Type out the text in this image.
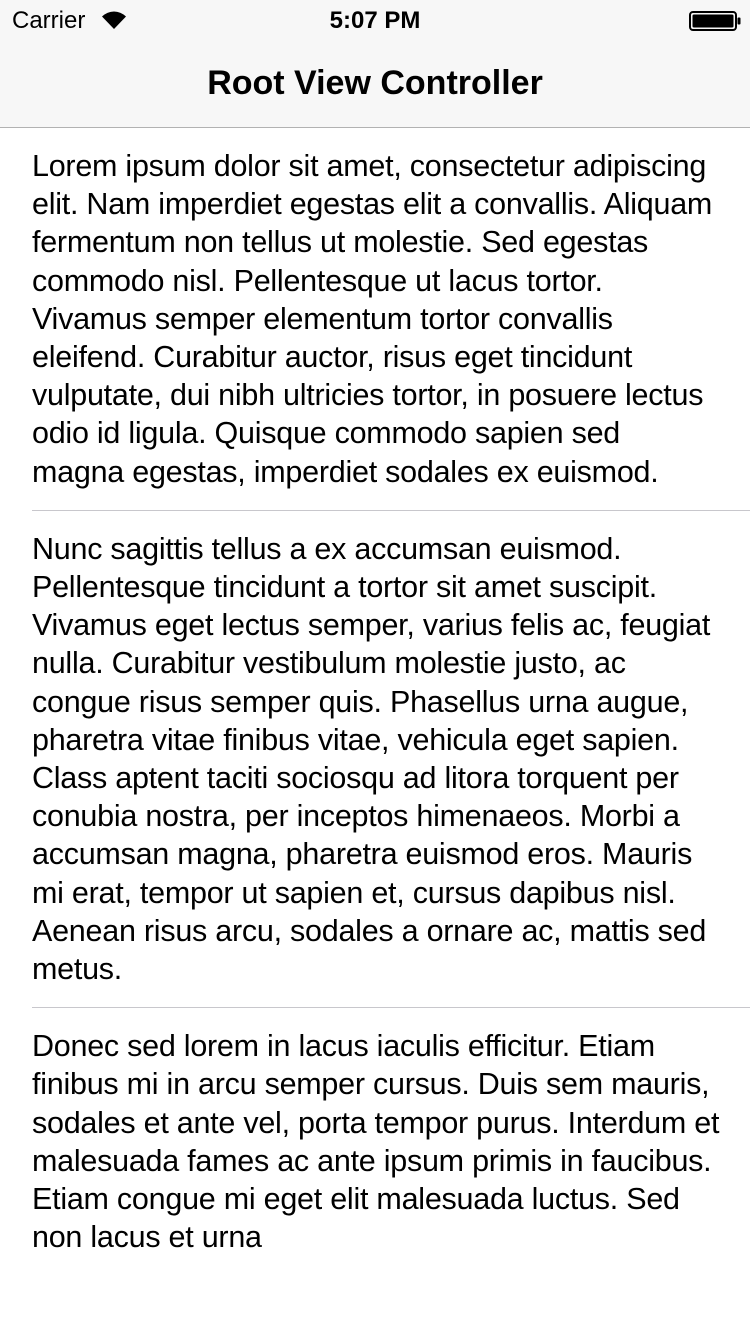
Carrier	5:07 PM
Root View Controller
Lorem ipsum dolor sit amet, consectetur adipiscing elit. Nam imperdiet egestas elit a convallis. Aliquam fermentum non tellus ut molestie. Sed egestas commodo nisl. Pellentesque ut lacus tortor. Vivamus semper elementum tortor convallis eleifend. Curabitur auctor, risus eget tincidunt vulputate, dui nibh ultricies tortor, in posuere lectus odio id ligula. Quisque commodo sapien sed magna egestas, imperdiet sodales ex euismod.
Nunc sagittis tellus a ex accumsan euismod. Pellentesque tincidunt a tortor sit amet suscipit. Vivamus eget lectus semper, varius felis ac, feugiat nulla. Curabitur vestibulum molestie justo, ac congue risus semper quis. Phasellus urna augue, pharetra vitae finibus vitae, vehicula eget sapien. Class aptent taciti sociosqu ad litora torquent per conubia nostra, per inceptos himenaeos. Morbi a accumsan magna, pharetra euismod eros. Mauris mi erat, tempor ut sapien et, cursus dapibus nisl. Aenean risus arcu, sodales a ornare ac, mattis sed metus.
Donec sed lorem in lacus iaculis efficitur. Etiam finibus mi in arcu semper cursus. Duis sem mauris, sodales et ante vel, porta tempor purus. Interdum et malesuada fames ac ante ipsum primis in faucibus. Etiam congue mi eget elit malesuada luctus. Sed non lacus et urna
